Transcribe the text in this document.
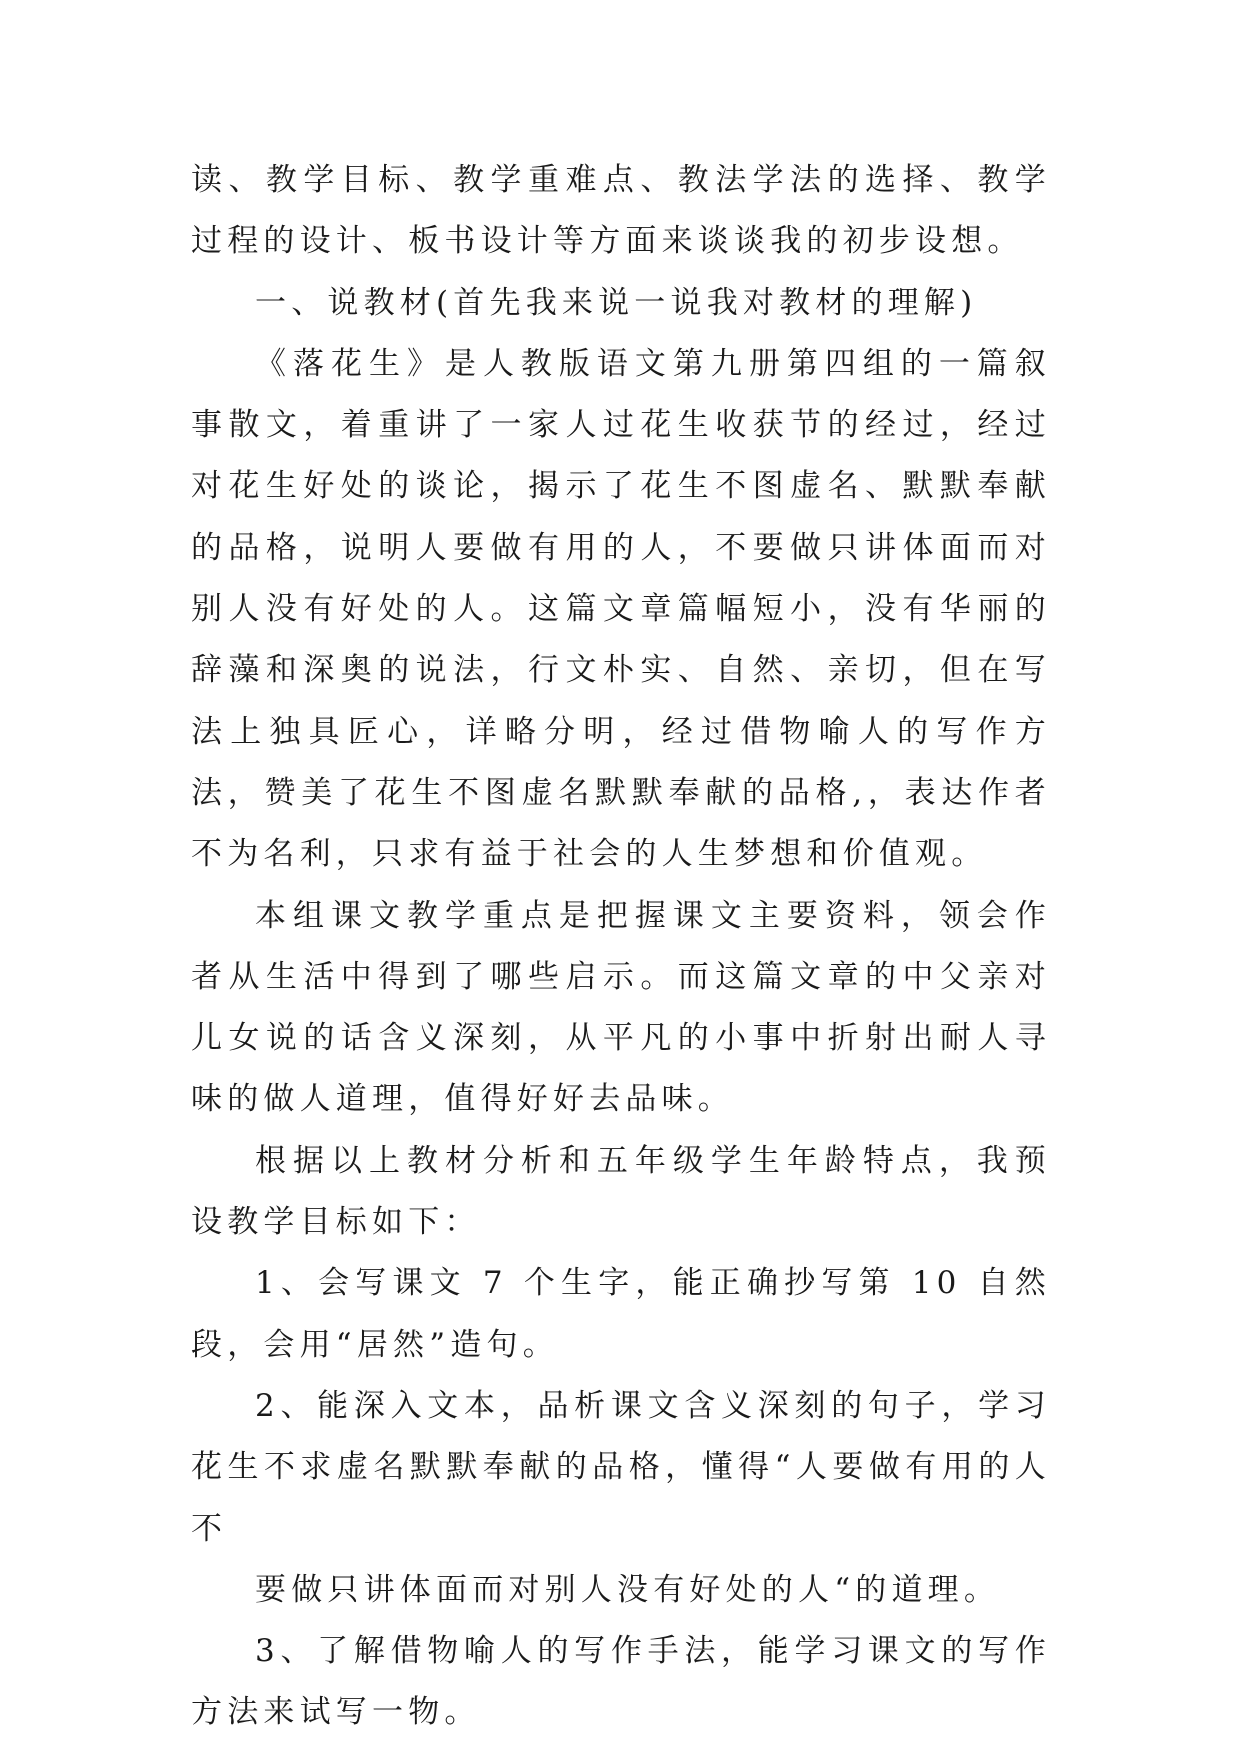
读、教学目标、教学重难点、教法学法的选择、教学过程的设计、板书设计等方面来谈谈我的初步设想。

一、说教材(首先我来说一说我对教材的理解)

《落花生》是人教版语文第九册第四组的一篇叙事散文，着重讲了一家人过花生收获节的经过，经过对花生好处的谈论，揭示了花生不图虚名、默默奉献的品格，说明人要做有用的人，不要做只讲体面而对别人没有好处的人。这篇文章篇幅短小，没有华丽的辞藻和深奥的说法，行文朴实、自然、亲切，但在写法上独具匠心，详略分明，经过借物喻人的写作方法，赞美了花生不图虚名默默奉献的品格,，表达作者不为名利，只求有益于社会的人生梦想和价值观。

本组课文教学重点是把握课文主要资料，领会作者从生活中得到了哪些启示。而这篇文章的中父亲对儿女说的话含义深刻，从平凡的小事中折射出耐人寻味的做人道理，值得好好去品味。

根据以上教材分析和五年级学生年龄特点，我预设教学目标如下：

1、会写课文 7 个生字，能正确抄写第 10 自然段，会用“居然”造句。

2、能深入文本，品析课文含义深刻的句子，学习花生不求虚名默默奉献的品格，懂得“人要做有用的人不

要做只讲体面而对别人没有好处的人“的道理。

3、了解借物喻人的写作手法，能学习课文的写作方法来试写一物。
